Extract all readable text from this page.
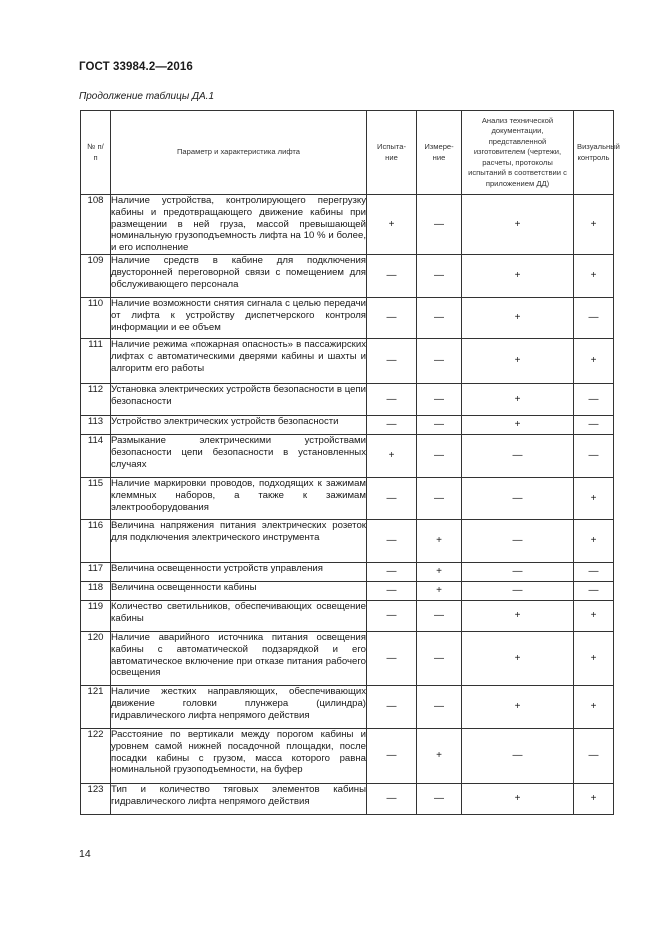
ГОСТ 33984.2—2016
Продолжение таблицы ДА.1
№ п/п	Параметр и характеристика лифта	Испыта-ние	Измере-ние	Анализ технической документации, представленной изготовителем (чертежи, расчеты, протоколы испытаний в соответствии с приложением ДД)	Визуальный контроль
108	Наличие устройства, контролирующего перегрузку кабины и предотвращающего движение кабины при размещении в ней груза, массой превышающей номинальную грузоподъемность лифта на 10 % и более, и его исполнение	+	—	+	+
109	Наличие средств в кабине для подключения двусторонней переговорной связи с помещением для обслуживающего персонала	—	—	+	+
110	Наличие возможности снятия сигнала с целью передачи от лифта к устройству диспетчерского контроля информации и ее объем	—	—	+	—
111	Наличие режима «пожарная опасность» в пассажирских лифтах с автоматическими дверями кабины и шахты и алгоритм его работы	—	—	+	+
112	Установка электрических устройств безопасности в цепи безопасности	—	—	+	—
113	Устройство электрических устройств безопасности	—	—	+	—
114	Размыкание электрическими устройствами безопасности цепи безопасности в установленных случаях	+	—	—	—
115	Наличие маркировки проводов, подходящих к зажимам клеммных наборов, а также к зажимам электрооборудования	—	—	—	+
116	Величина напряжения питания электрических розеток для подключения электрического инструмента	—	+	—	+
117	Величина освещенности устройств управления	—	+	—	—
118	Величина освещенности кабины	—	+	—	—
119	Количество светильников, обеспечивающих освещение кабины	—	—	+	+
120	Наличие аварийного источника питания освещения кабины с автоматической подзарядкой и его автоматическое включение при отказе питания рабочего освещения	—	—	+	+
121	Наличие жестких направляющих, обеспечивающих движение головки плунжера (цилиндра) гидравлического лифта непрямого действия	—	—	+	+
122	Расстояние по вертикали между порогом кабины и уровнем самой нижней посадочной площадки, после посадки кабины с грузом, масса которого равна номинальной грузоподъемности, на буфер	—	+	—	—
123	Тип и количество тяговых элементов кабины гидравлического лифта непрямого действия	—	—	+	+
14
